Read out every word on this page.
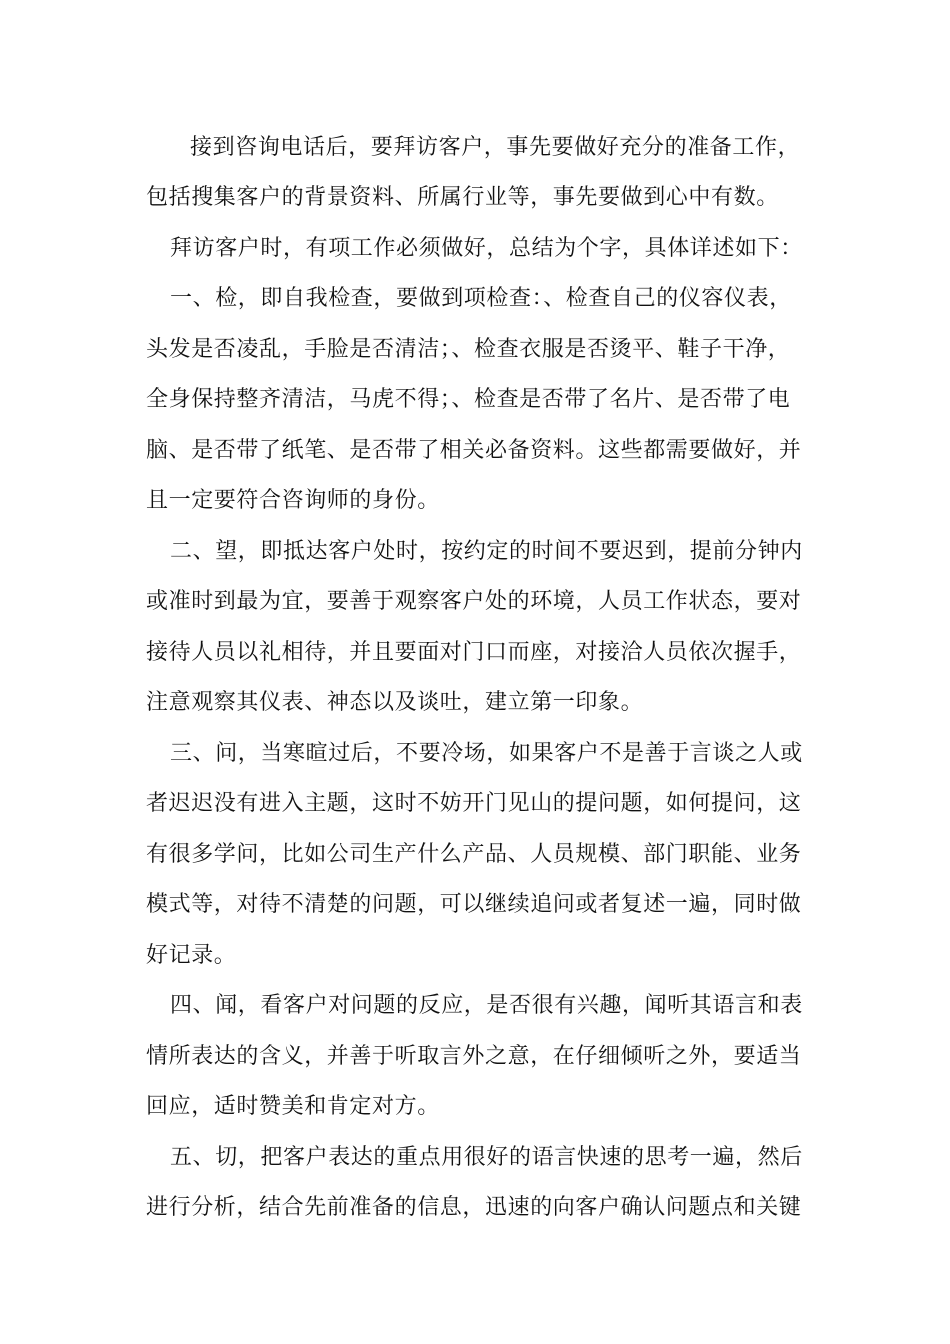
接到咨询电话后，要拜访客户，事先要做好充分的准备工作，
包括搜集客户的背景资料、所属行业等，事先要做到心中有数。
拜访客户时，有项工作必须做好，总结为个字，具体详述如下：
一、检，即自我检查，要做到项检查：、检查自己的仪容仪表，
头发是否凌乱，手脸是否清洁；、检查衣服是否烫平、鞋子干净，
全身保持整齐清洁，马虎不得；、检查是否带了名片、是否带了电
脑、是否带了纸笔、是否带了相关必备资料。这些都需要做好，并
且一定要符合咨询师的身份。
二、望，即抵达客户处时，按约定的时间不要迟到，提前分钟内
或准时到最为宜，要善于观察客户处的环境，人员工作状态，要对
接待人员以礼相待，并且要面对门口而座，对接洽人员依次握手，
注意观察其仪表、神态以及谈吐，建立第一印象。
三、问，当寒暄过后，不要冷场，如果客户不是善于言谈之人或
者迟迟没有进入主题，这时不妨开门见山的提问题，如何提问，这
有很多学问，比如公司生产什么产品、人员规模、部门职能、业务
模式等，对待不清楚的问题，可以继续追问或者复述一遍，同时做
好记录。
四、闻，看客户对问题的反应，是否很有兴趣，闻听其语言和表
情所表达的含义，并善于听取言外之意，在仔细倾听之外，要适当
回应，适时赞美和肯定对方。
五、切，把客户表达的重点用很好的语言快速的思考一遍，然后
进行分析，结合先前准备的信息，迅速的向客户确认问题点和关键
